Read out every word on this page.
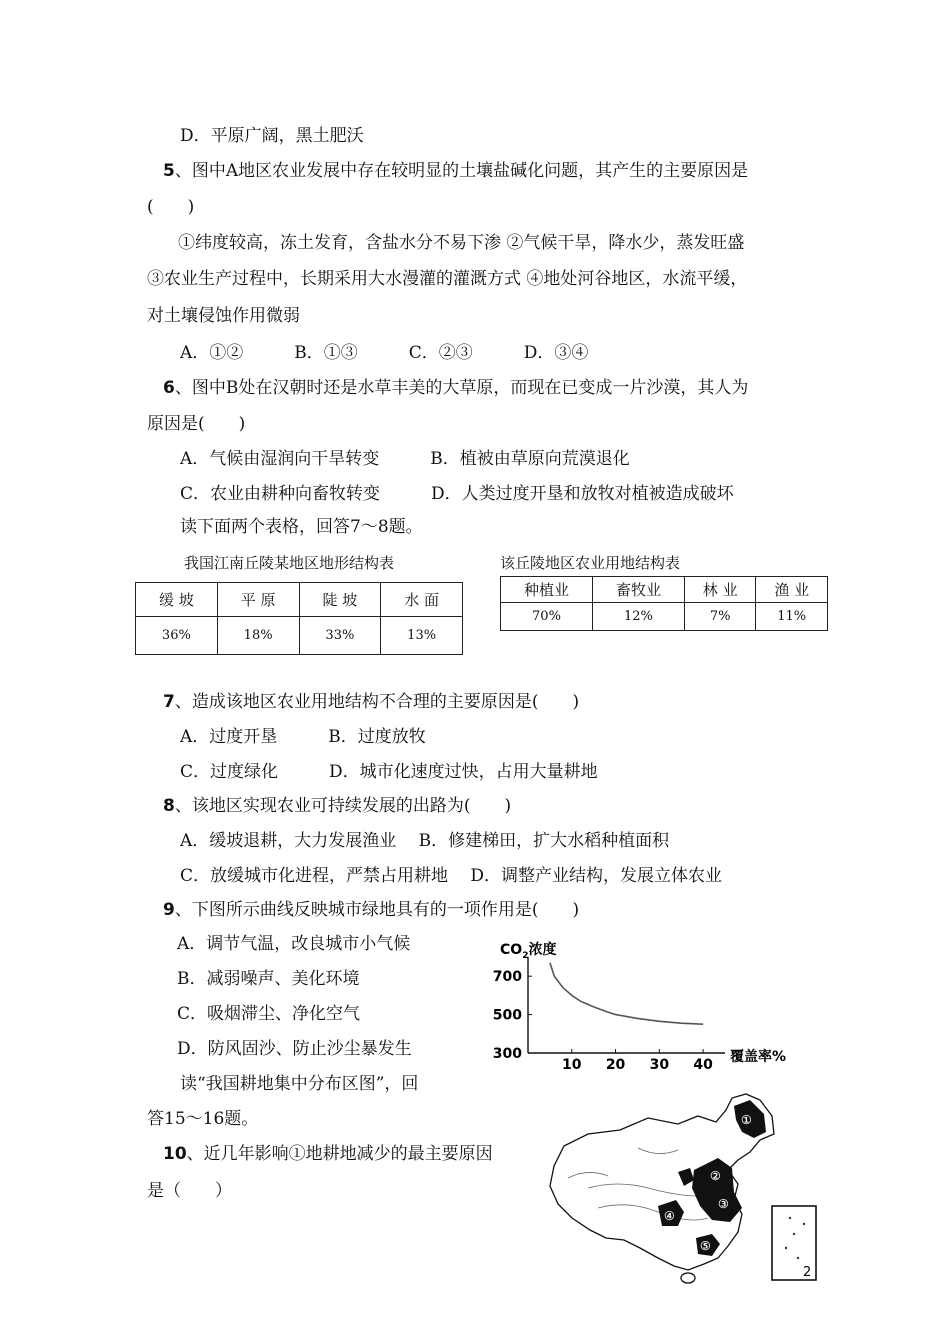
D．平原广阔，黑土肥沃
5、图中A地区农业发展中存在较明显的土壤盐碱化问题，其产生的主要原因是
(　　)
①纬度较高，冻土发育，含盐水分不易下渗 ②气候干旱，降水少，蒸发旺盛
③农业生产过程中，长期采用大水漫灌的灌溉方式 ④地处河谷地区，水流平缓，
对土壤侵蚀作用微弱
A．①②　　　B．①③　　　C．②③　　　D．③④
6、图中B处在汉朝时还是水草丰美的大草原，而现在已变成一片沙漠，其人为
原因是(　　)
A．气候由湿润向干旱转变　　　B．植被由草原向荒漠退化
C．农业由耕种向畜牧转变　　　D．人类过度开垦和放牧对植被造成破坏
读下面两个表格，回答7～8题。
我国江南丘陵某地区地形结构表
缓 坡	平 原	陡 坡	水 面
36%	18%	33%	13%
该丘陵地区农业用地结构表
种植业	畜牧业	林 业	渔 业
70%	12%	7%	11%
7、造成该地区农业用地结构不合理的主要原因是(　　)
A．过度开垦　　　B．过度放牧
C．过度绿化　　　D．城市化速度过快，占用大量耕地
8、该地区实现农业可持续发展的出路为(　　)
A．缓坡退耕，大力发展渔业　 B．修建梯田，扩大水稻种植面积
C．放缓城市化进程，严禁占用耕地　 D．调整产业结构，发展立体农业
9、下图所示曲线反映城市绿地具有的一项作用是(　　)
A．调节气温，改良城市小气候
B．减弱噪声、美化环境
C．吸烟滞尘、净化空气
D．防风固沙、防止沙尘暴发生
读“我国耕地集中分布区图”，回
答15～16题。
10、近几年影响①地耕地减少的最主要原因
是（　　）
300
500
700
10 20 30 40
$CO_2$浓度
覆盖率%
①
②
③
④
⑤
2
